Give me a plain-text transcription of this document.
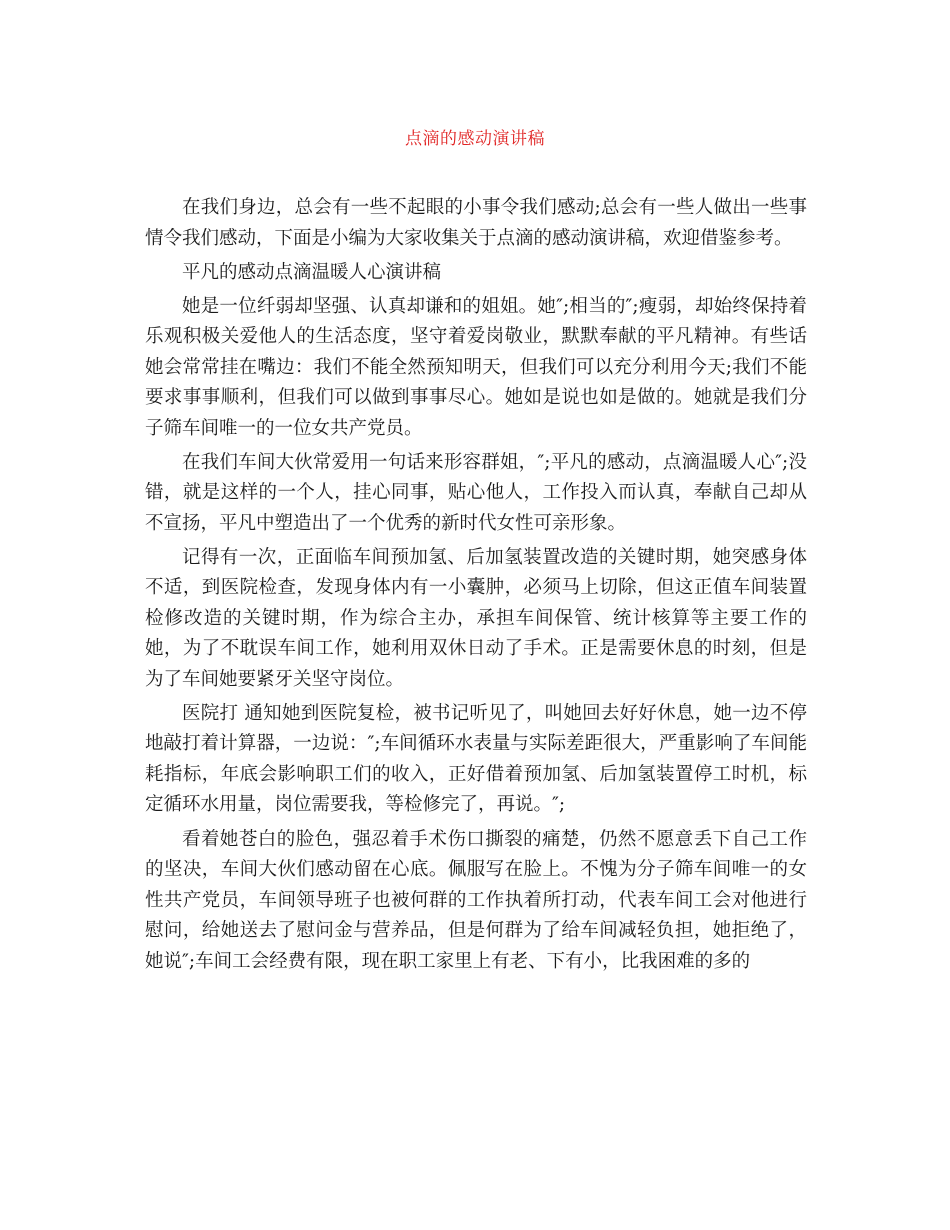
点滴的感动演讲稿

在我们身边，总会有一些不起眼的小事令我们感动;总会有一些人做出一些事情令我们感动，下面是小编为大家收集关于点滴的感动演讲稿，欢迎借鉴参考。

平凡的感动点滴温暖人心演讲稿

她是一位纤弱却坚强、认真却谦和的姐姐。她″;相当的″;瘦弱，却始终保持着乐观积极关爱他人的生活态度，坚守着爱岗敬业，默默奉献的平凡精神。有些话她会常常挂在嘴边：我们不能全然预知明天，但我们可以充分利用今天;我们不能要求事事顺利，但我们可以做到事事尽心。她如是说也如是做的。她就是我们分子筛车间唯一的一位女共产党员。

在我们车间大伙常爱用一句话来形容群姐，″;平凡的感动，点滴温暖人心″;没错，就是这样的一个人，挂心同事，贴心他人，工作投入而认真，奉献自己却从不宣扬，平凡中塑造出了一个优秀的新时代女性可亲形象。

记得有一次，正面临车间预加氢、后加氢装置改造的关键时期，她突感身体不适，到医院检查，发现身体内有一小囊肿，必须马上切除，但这正值车间装置检修改造的关键时期，作为综合主办，承担车间保管、统计核算等主要工作的她，为了不耽误车间工作，她利用双休日动了手术。正是需要休息的时刻，但是为了车间她要紧牙关坚守岗位。

医院打 通知她到医院复检，被书记听见了，叫她回去好好休息，她一边不停地敲打着计算器，一边说：″;车间循环水表量与实际差距很大，严重影响了车间能耗指标，年底会影响职工们的收入，正好借着预加氢、后加氢装置停工时机，标定循环水用量，岗位需要我，等检修完了，再说。″;

看着她苍白的脸色，强忍着手术伤口撕裂的痛楚，仍然不愿意丢下自己工作的坚决，车间大伙们感动留在心底。佩服写在脸上。不愧为分子筛车间唯一的女性共产党员，车间领导班子也被何群的工作执着所打动，代表车间工会对他进行慰问，给她送去了慰问金与营养品，但是何群为了给车间减轻负担，她拒绝了，她说″;车间工会经费有限，现在职工家里上有老、下有小，比我困难的多的
